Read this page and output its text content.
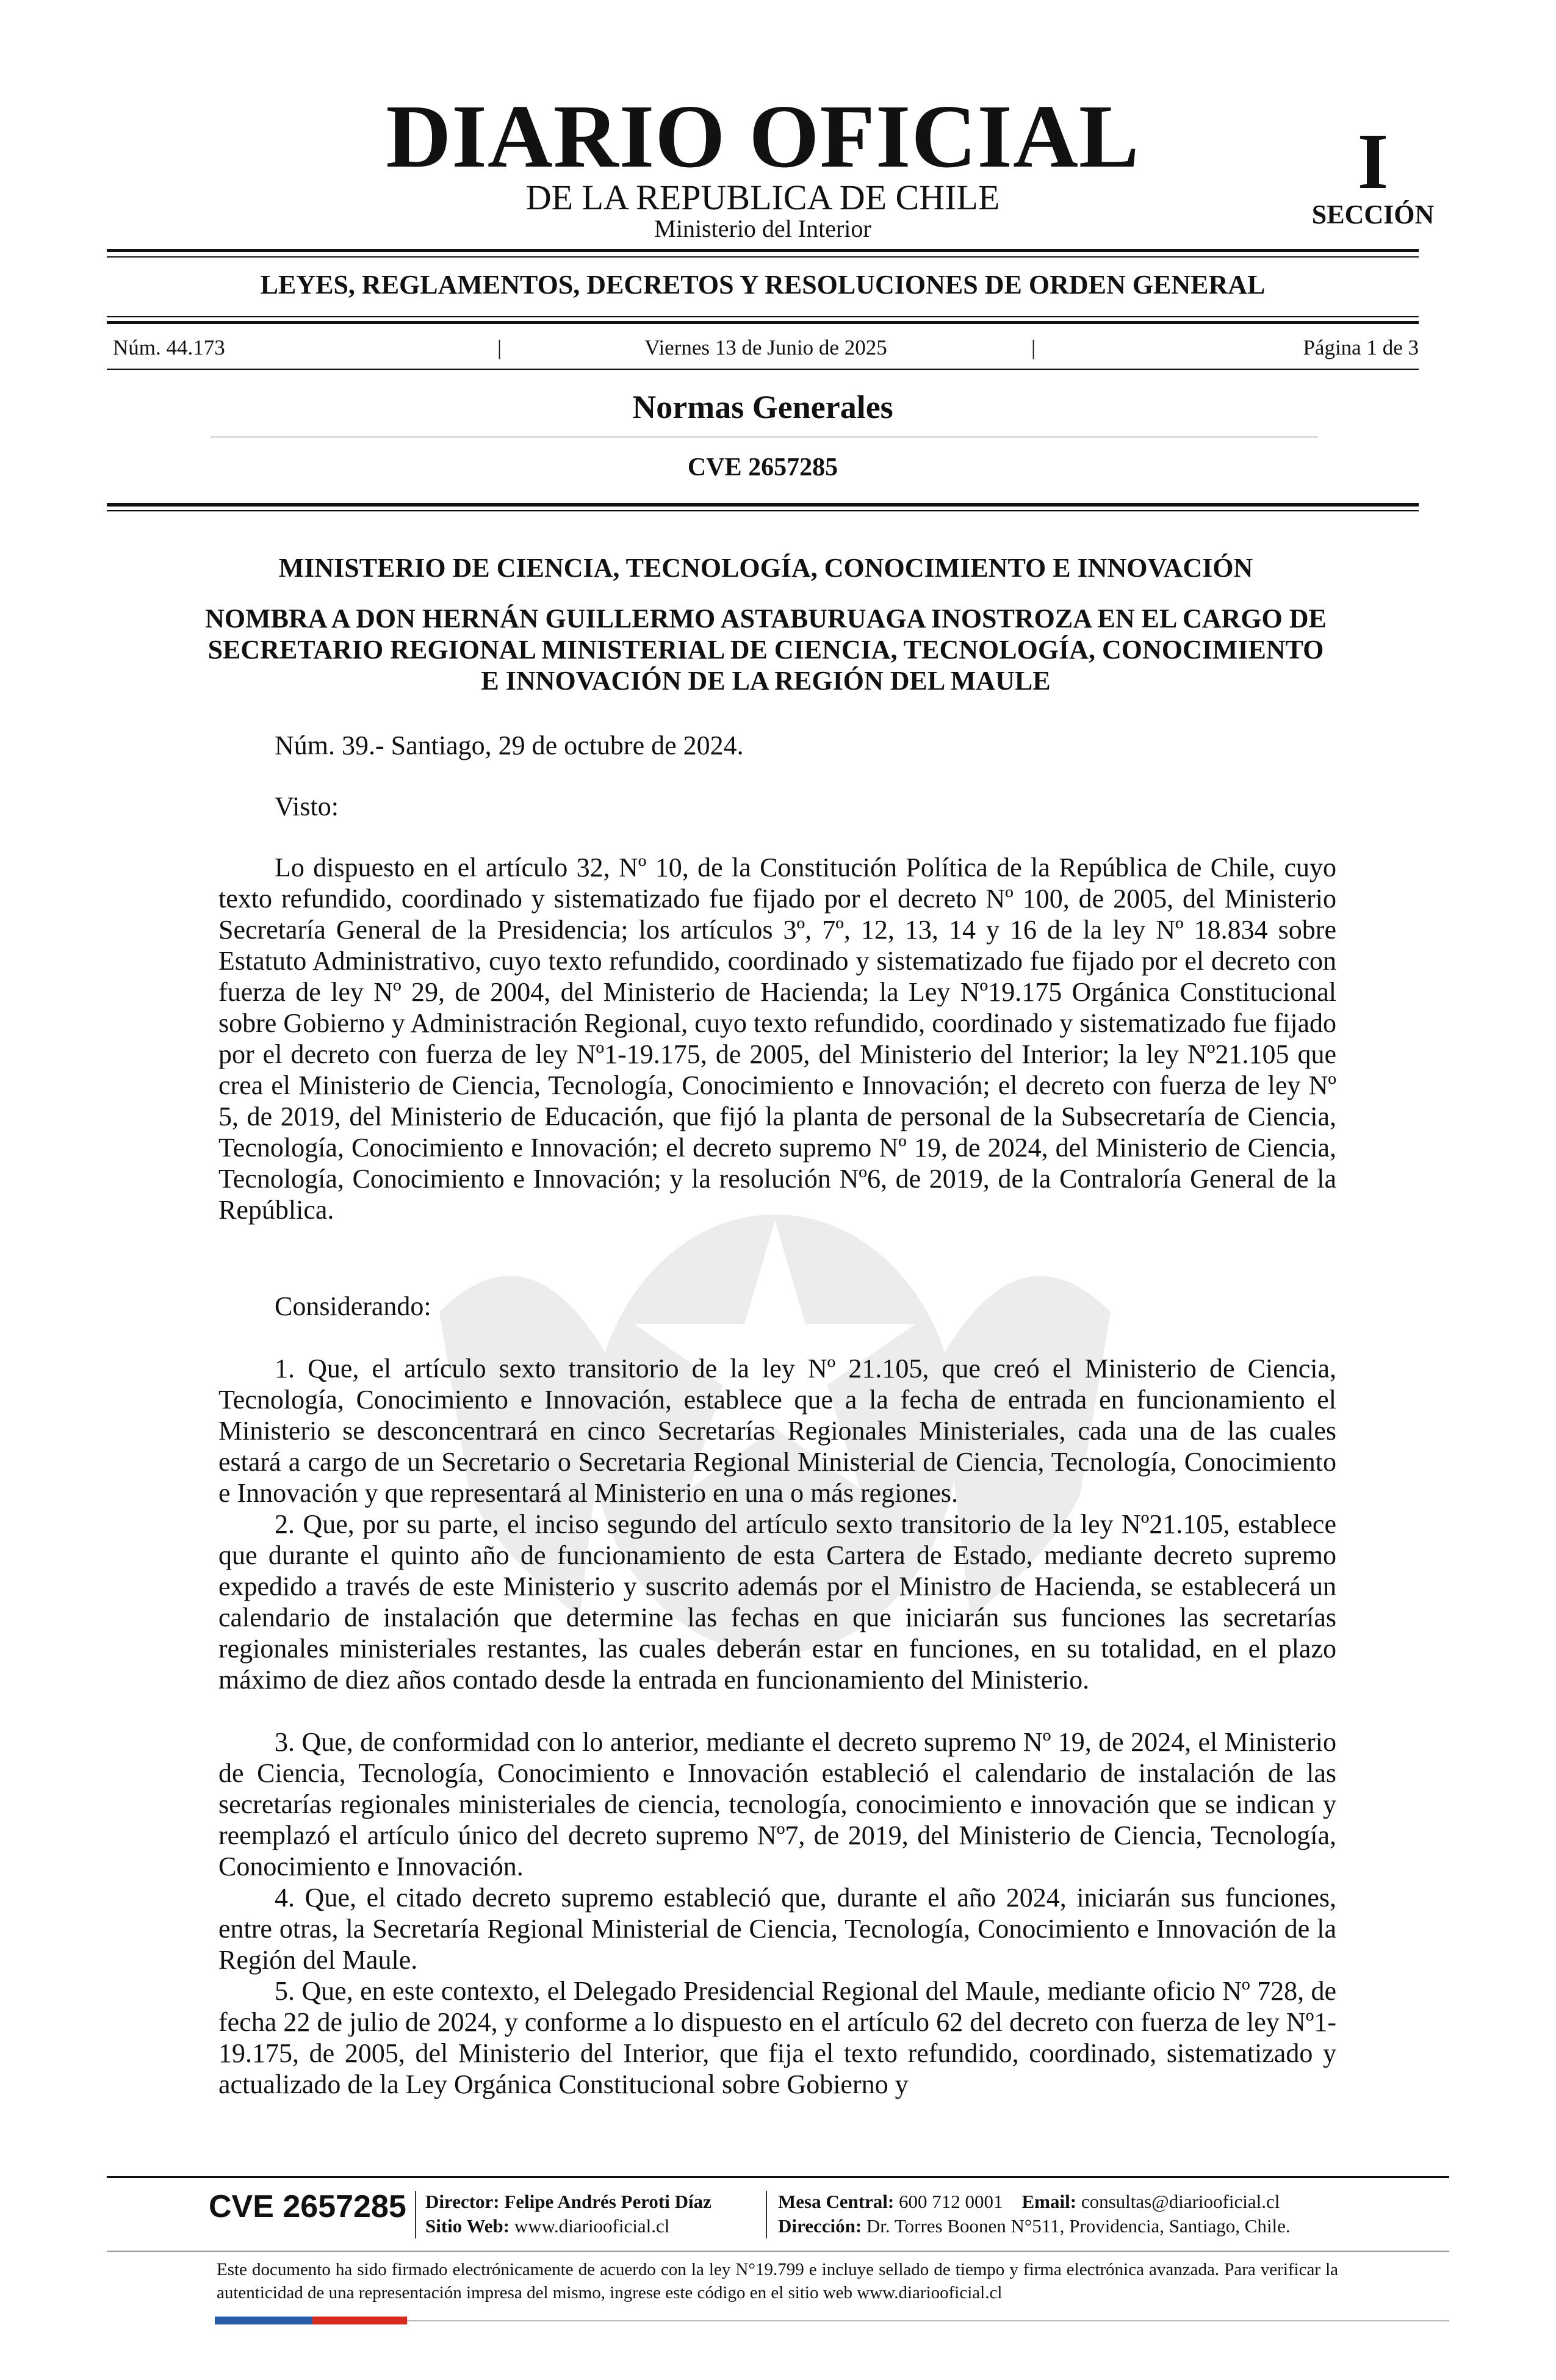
DIARIO OFICIAL
DE LA REPUBLICA DE CHILE
Ministerio del Interior
I
SECCIÓN
LEYES, REGLAMENTOS, DECRETOS Y RESOLUCIONES DE ORDEN GENERAL
Núm. 44.173	|	Viernes 13 de Junio de 2025	|	Página 1 de 3
Normas Generales
CVE 2657285
MINISTERIO DE CIENCIA, TECNOLOGÍA, CONOCIMIENTO E INNOVACIÓN
NOMBRA A DON HERNÁN GUILLERMO ASTABURUAGA INOSTROZA EN EL CARGO DE SECRETARIO REGIONAL MINISTERIAL DE CIENCIA, TECNOLOGÍA, CONOCIMIENTO E INNOVACIÓN DE LA REGIÓN DEL MAULE
Núm. 39.- Santiago, 29 de octubre de 2024.
Visto:
Lo dispuesto en el artículo 32, Nº 10, de la Constitución Política de la República de Chile, cuyo texto refundido, coordinado y sistematizado fue fijado por el decreto Nº 100, de 2005, del Ministerio Secretaría General de la Presidencia; los artículos 3º, 7º, 12, 13, 14 y 16 de la ley Nº 18.834 sobre Estatuto Administrativo, cuyo texto refundido, coordinado y sistematizado fue fijado por el decreto con fuerza de ley Nº 29, de 2004, del Ministerio de Hacienda; la Ley Nº19.175 Orgánica Constitucional sobre Gobierno y Administración Regional, cuyo texto refundido, coordinado y sistematizado fue fijado por el decreto con fuerza de ley Nº1-19.175, de 2005, del Ministerio del Interior; la ley Nº21.105 que crea el Ministerio de Ciencia, Tecnología, Conocimiento e Innovación; el decreto con fuerza de ley Nº 5, de 2019, del Ministerio de Educación, que fijó la planta de personal de la Subsecretaría de Ciencia, Tecnología, Conocimiento e Innovación; el decreto supremo Nº 19, de 2024, del Ministerio de Ciencia, Tecnología, Conocimiento e Innovación; y la resolución Nº6, de 2019, de la Contraloría General de la República.
Considerando:
1. Que, el artículo sexto transitorio de la ley Nº 21.105, que creó el Ministerio de Ciencia, Tecnología, Conocimiento e Innovación, establece que a la fecha de entrada en funcionamiento el Ministerio se desconcentrará en cinco Secretarías Regionales Ministeriales, cada una de las cuales estará a cargo de un Secretario o Secretaria Regional Ministerial de Ciencia, Tecnología, Conocimiento e Innovación y que representará al Ministerio en una o más regiones.
2. Que, por su parte, el inciso segundo del artículo sexto transitorio de la ley Nº21.105, establece que durante el quinto año de funcionamiento de esta Cartera de Estado, mediante decreto supremo expedido a través de este Ministerio y suscrito además por el Ministro de Hacienda, se establecerá un calendario de instalación que determine las fechas en que iniciarán sus funciones las secretarías regionales ministeriales restantes, las cuales deberán estar en funciones, en su totalidad, en el plazo máximo de diez años contado desde la entrada en funcionamiento del Ministerio.
3. Que, de conformidad con lo anterior, mediante el decreto supremo Nº 19, de 2024, el Ministerio de Ciencia, Tecnología, Conocimiento e Innovación estableció el calendario de instalación de las secretarías regionales ministeriales de ciencia, tecnología, conocimiento e innovación que se indican y reemplazó el artículo único del decreto supremo Nº7, de 2019, del Ministerio de Ciencia, Tecnología, Conocimiento e Innovación.
4. Que, el citado decreto supremo estableció que, durante el año 2024, iniciarán sus funciones, entre otras, la Secretaría Regional Ministerial de Ciencia, Tecnología, Conocimiento e Innovación de la Región del Maule.
5. Que, en este contexto, el Delegado Presidencial Regional del Maule, mediante oficio Nº 728, de fecha 22 de julio de 2024, y conforme a lo dispuesto en el artículo 62 del decreto con fuerza de ley Nº1-19.175, de 2005, del Ministerio del Interior, que fija el texto refundido, coordinado, sistematizado y actualizado de la Ley Orgánica Constitucional sobre Gobierno y
CVE 2657285 Director: Felipe Andrés Peroti Díaz
Sitio Web: www.diariooficial.cl
Mesa Central: 600 712 0001 Email: consultas@diariooficial.cl
Dirección: Dr. Torres Boonen N°511, Providencia, Santiago, Chile.
Este documento ha sido firmado electrónicamente de acuerdo con la ley N°19.799 e incluye sellado de tiempo y firma electrónica avanzada. Para verificar la autenticidad de una representación impresa del mismo, ingrese este código en el sitio web www.diariooficial.cl
